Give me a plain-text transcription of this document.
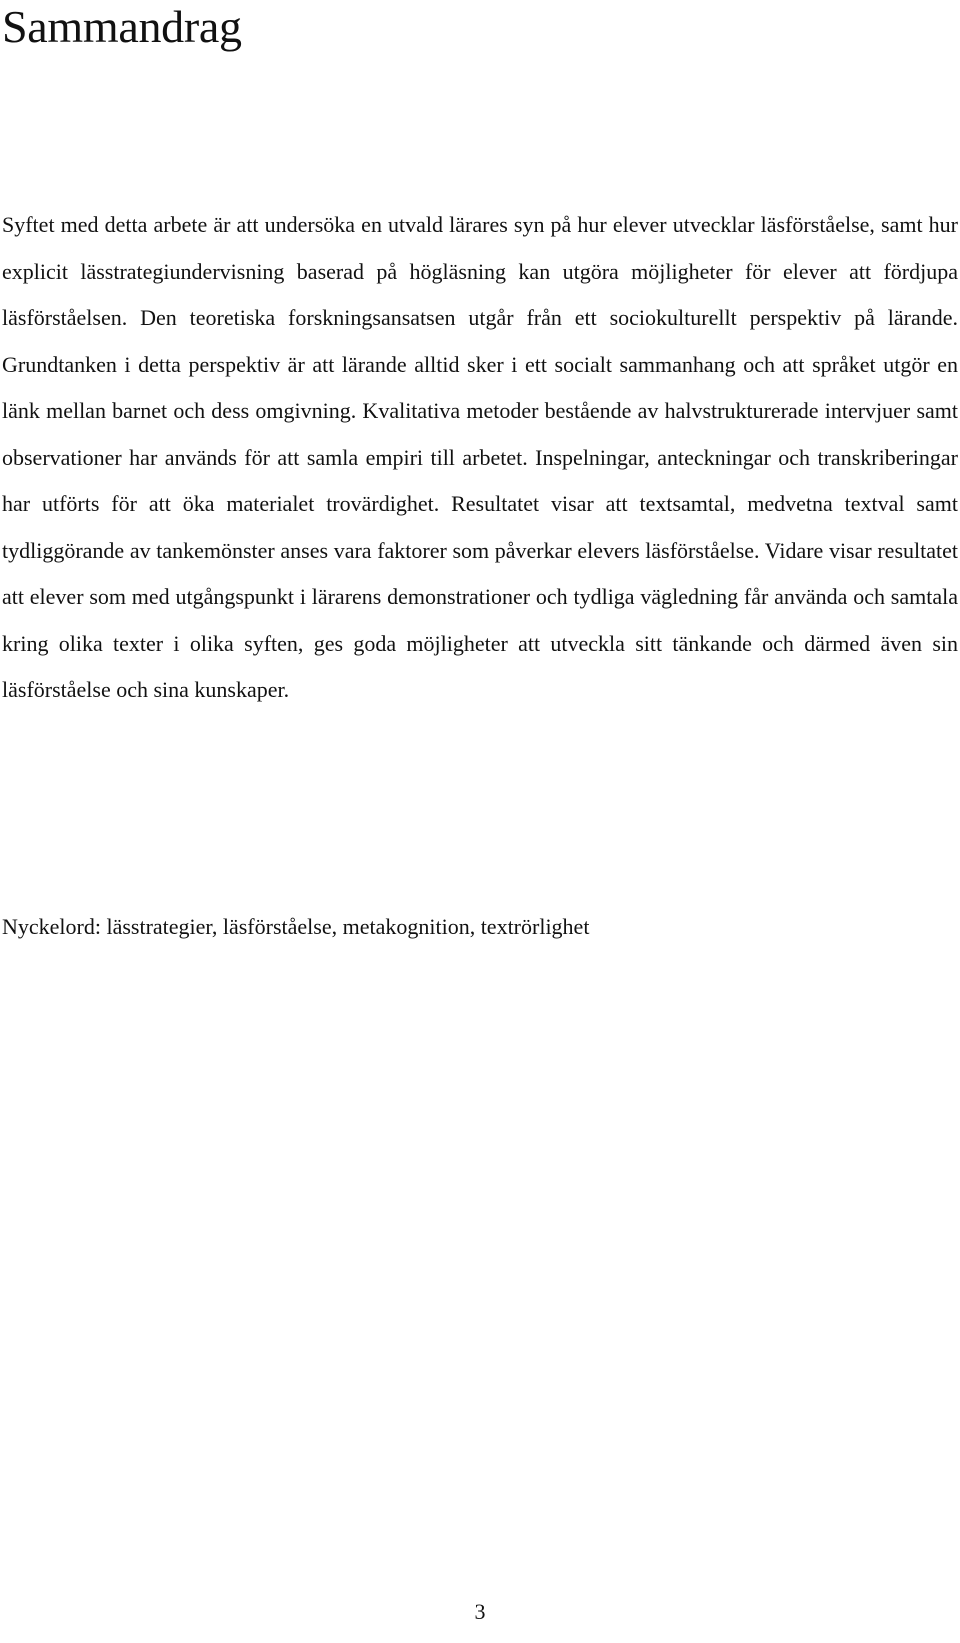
Sammandrag

Syftet med detta arbete är att undersöka en utvald lärares syn på hur elever utvecklar läsförståelse, samt hur explicit lässtrategiundervisning baserad på högläsning kan utgöra möjligheter för elever att fördjupa läsförståelsen. Den teoretiska forskningsansatsen utgår från ett sociokulturellt perspektiv på lärande. Grundtanken i detta perspektiv är att lärande alltid sker i ett socialt sammanhang och att språket utgör en länk mellan barnet och dess omgivning. Kvalitativa metoder bestående av halvstrukturerade intervjuer samt observationer har används för att samla empiri till arbetet. Inspelningar, anteckningar och transkriberingar har utförts för att öka materialet trovärdighet. Resultatet visar att textsamtal, medvetna textval samt tydliggörande av tankemönster anses vara faktorer som påverkar elevers läsförståelse. Vidare visar resultatet att elever som med utgångspunkt i lärarens demonstrationer och tydliga vägledning får använda och samtala kring olika texter i olika syften, ges goda möjligheter att utveckla sitt tänkande och därmed även sin läsförståelse och sina kunskaper.

Nyckelord: lässtrategier, läsförståelse, metakognition, textrörlighet

3
